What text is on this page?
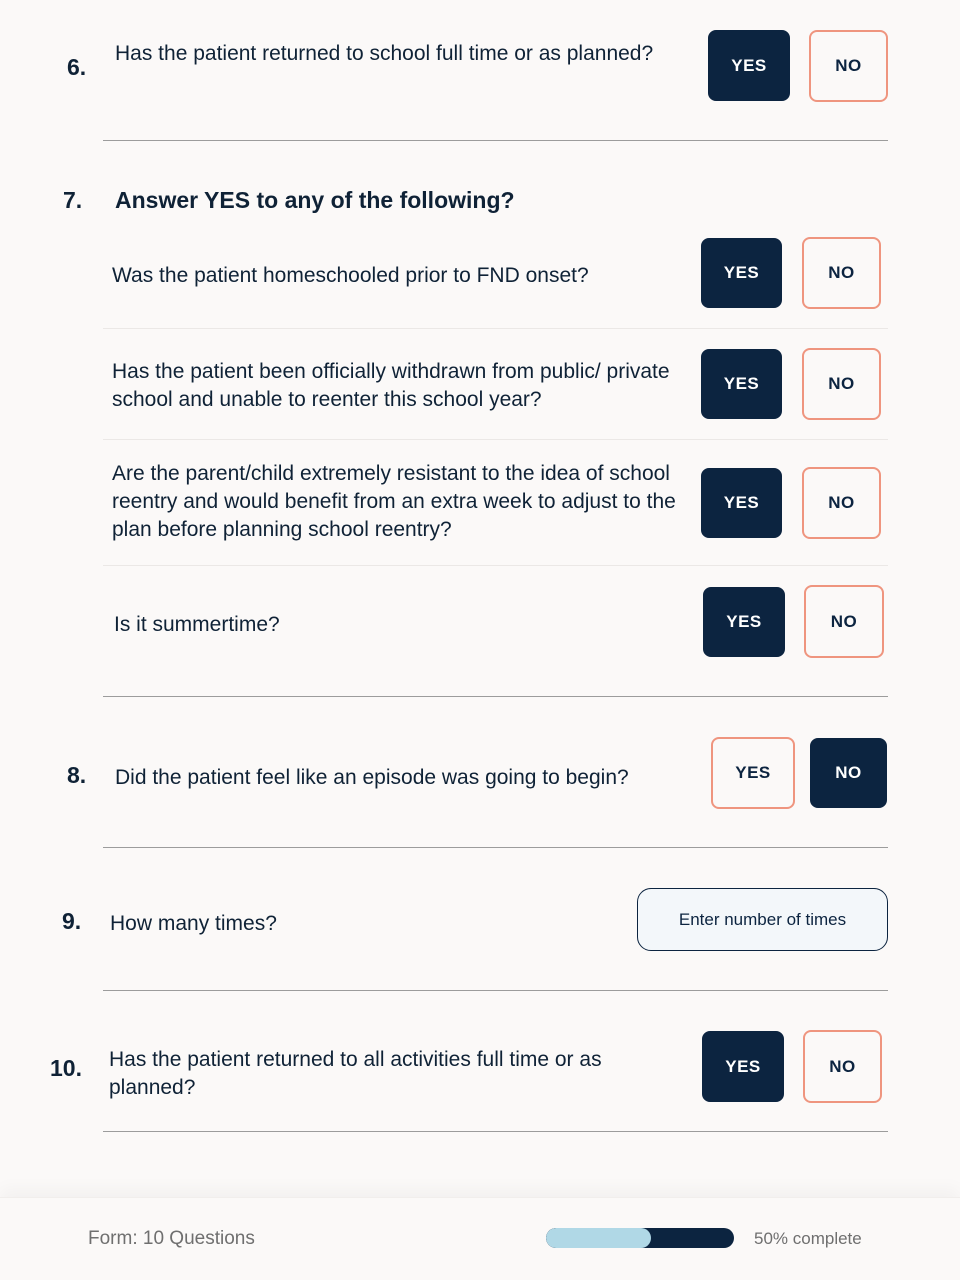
6.
Has the patient returned to school full time or as planned?	YES	NO
7. Answer YES to any of the following?
Was the patient homeschooled prior to FND onset?	YES	NO
Has the patient been officially withdrawn from public/ private school and unable to reenter this school year?
YES	NO
Are the parent/child extremely resistant to the idea of school reentry and would benefit from an extra week to adjust to the plan before planning school reentry?
YES	NO
Is it summertime?	YES	NO
8. Did the patient feel like an episode was going to begin?	YES	NO
9. How many times?
Enter number of times
10. Has the patient returned to all activities full time or as planned?
YES	NO
Form: 10 Questions	50% complete
